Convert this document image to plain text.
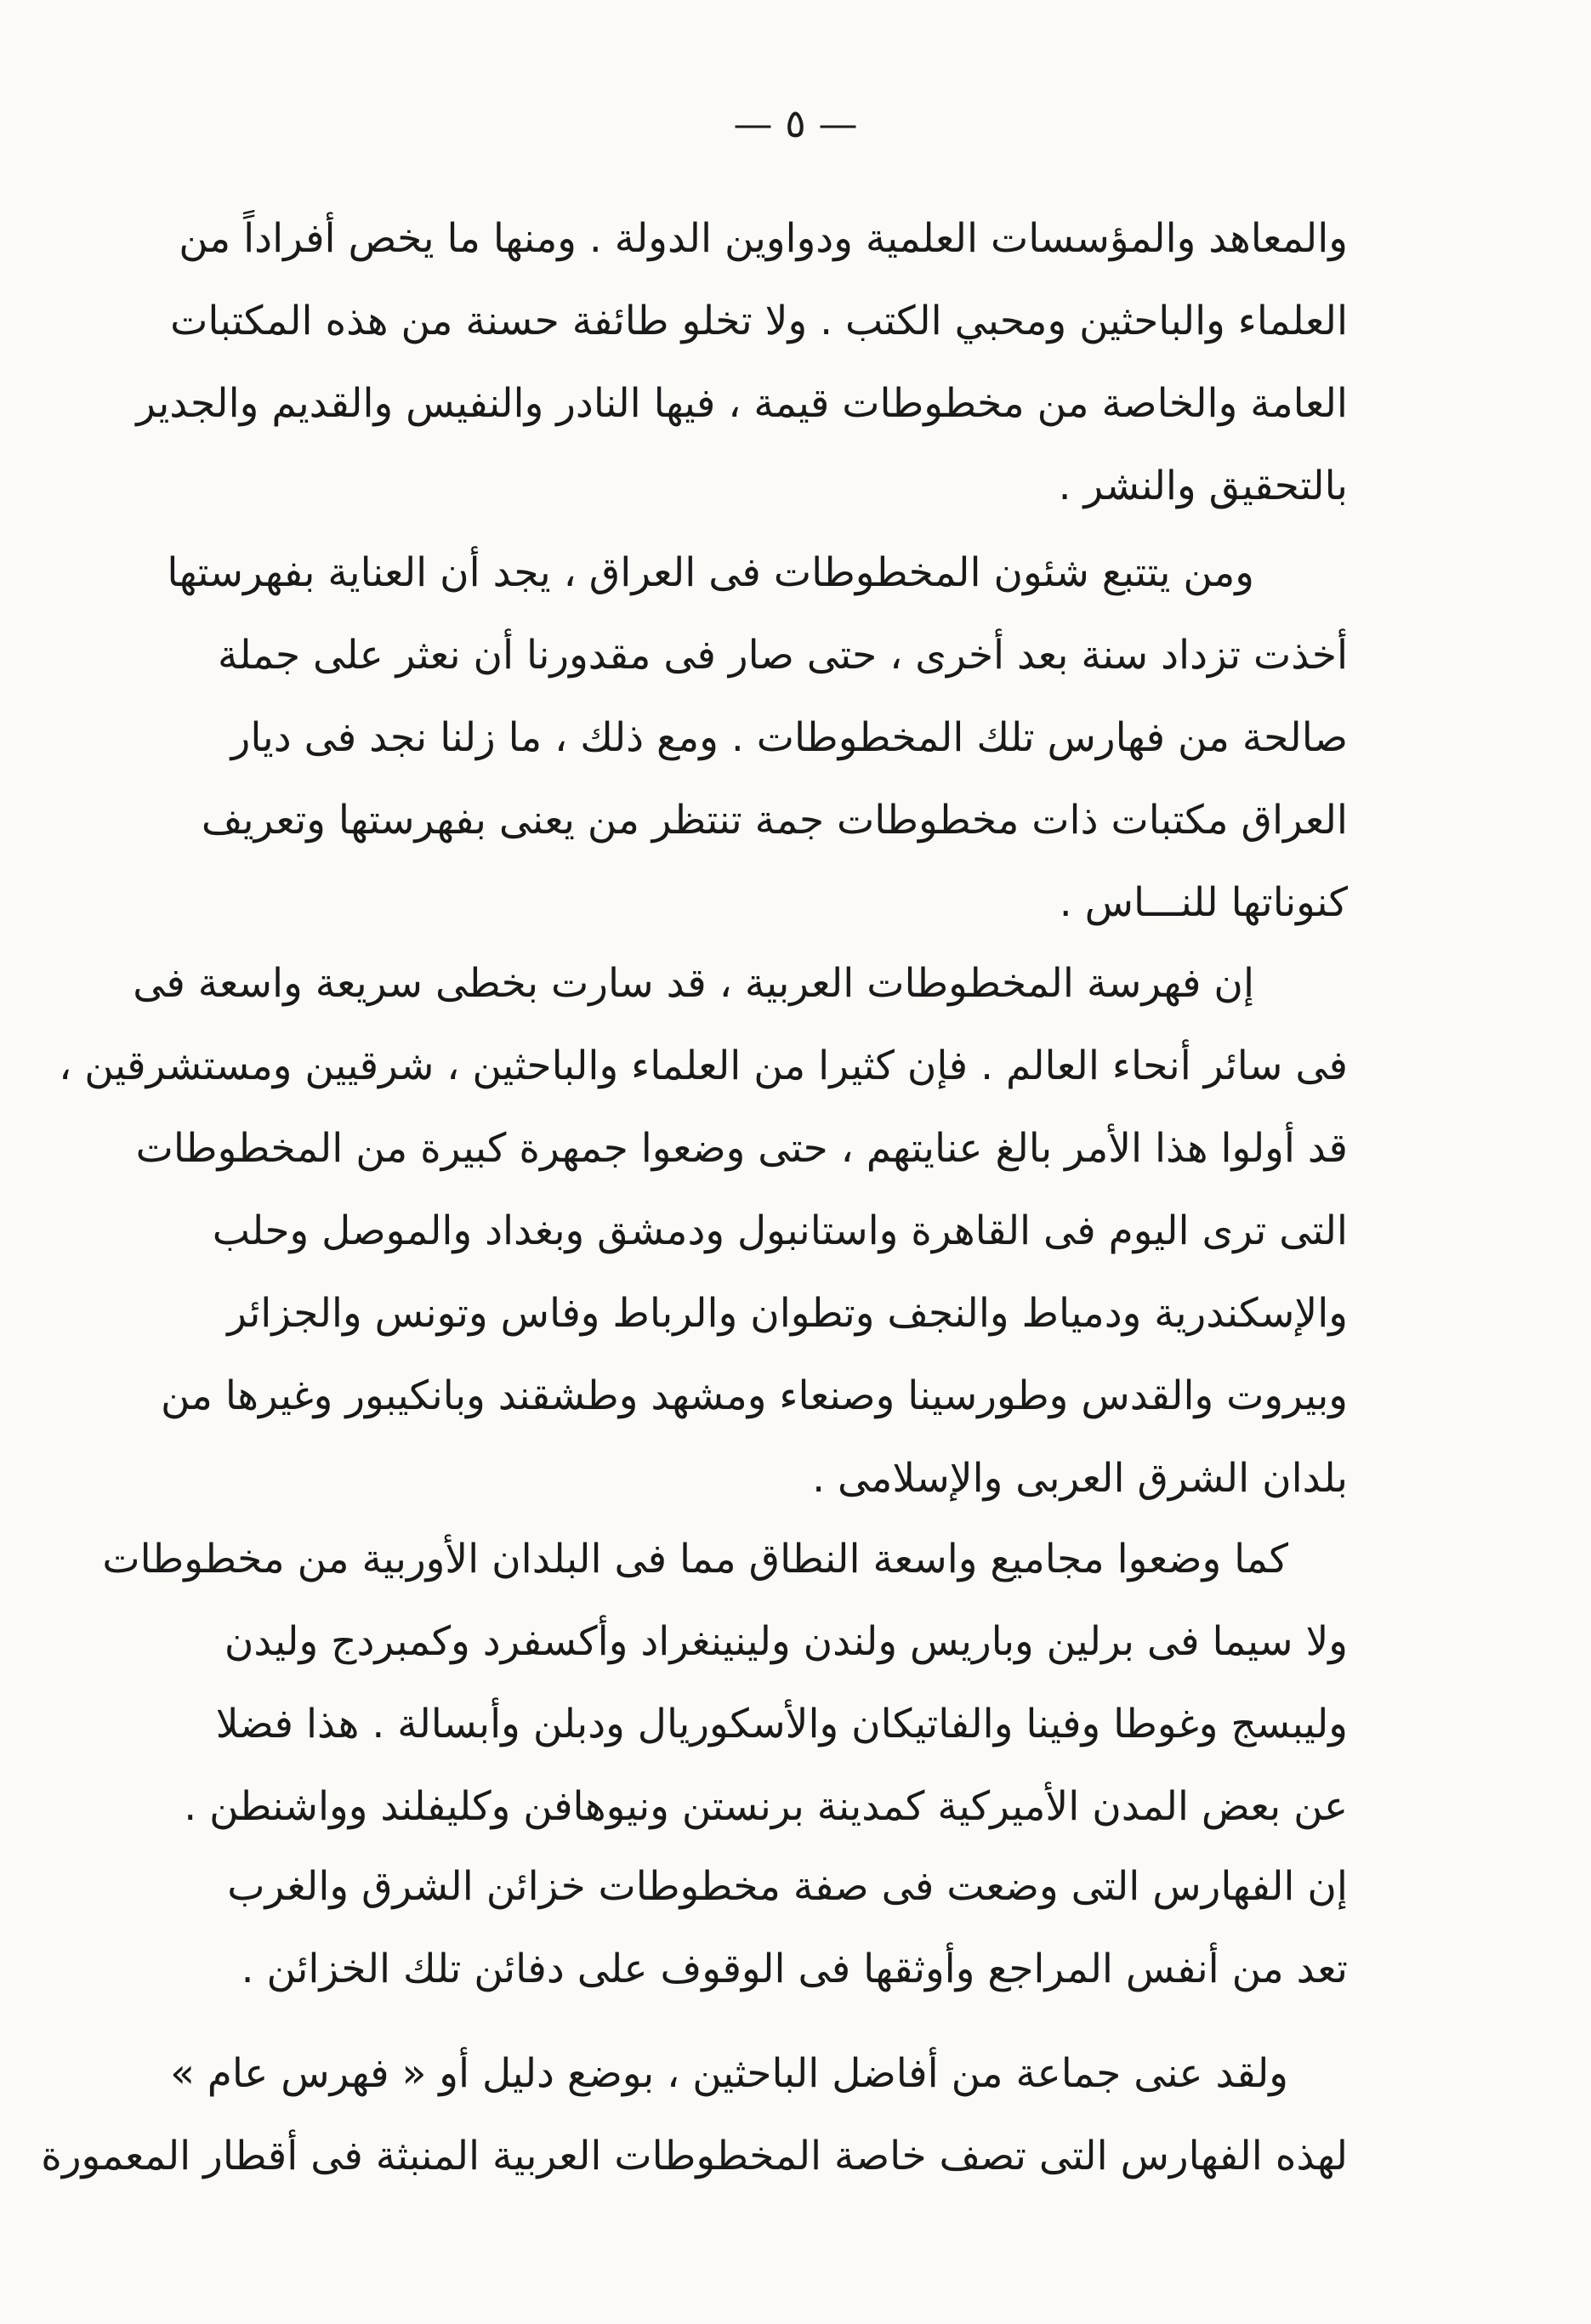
— ٥ —
والمعاهد والمؤسسات العلمية ودواوين الدولة . ومنها ما يخص أفراداً من
العلماء والباحثين ومحبي الكتب . ولا تخلو طائفة حسنة من هذه المكتبات
العامة والخاصة من مخطوطات قيمة ، فيها النادر والنفيس والقديم والجدير
بالتحقيق والنشر .
ومن يتتبع شئون المخطوطات فى العراق ، يجد أن العناية بفهرستها
أخذت تزداد سنة بعد أخرى ، حتى صار فى مقدورنا أن نعثر على جملة
صالحة من فهارس تلك المخطوطات . ومع ذلك ، ما زلنا نجد فى ديار
العراق مكتبات ذات مخطوطات جمة تنتظر من يعنى بفهرستها وتعريف
كنوناتها للنـــاس .
إن فهرسة المخطوطات العربية ، قد سارت بخطى سريعة واسعة فى
فى سائر أنحاء العالم . فإن كثيرا من العلماء والباحثين ، شرقيين ومستشرقين ،
قد أولوا هذا الأمر بالغ عنايتهم ، حتى وضعوا جمهرة كبيرة من المخطوطات
التى ترى اليوم فى القاهرة واستانبول ودمشق وبغداد والموصل وحلب
والإسكندرية ودمياط والنجف وتطوان والرباط وفاس وتونس والجزائر
وبيروت والقدس وطورسينا وصنعاء ومشهد وطشقند وبانكيبور وغيرها من
بلدان الشرق العربى والإسلامى .
كما وضعوا مجاميع واسعة النطاق مما فى البلدان الأوربية من مخطوطات
ولا سيما فى برلين وباريس ولندن ولينينغراد وأكسفرد وكمبردج وليدن
وليبسج وغوطا وفينا والفاتيكان والأسكوريال ودبلن وأبسالة . هذا فضلا
عن بعض المدن الأميركية كمدينة برنستن ونيوهافن وكليفلند وواشنطن .
إن الفهارس التى وضعت فى صفة مخطوطات خزائن الشرق والغرب
تعد من أنفس المراجع وأوثقها فى الوقوف على دفائن تلك الخزائن .
ولقد عنى جماعة من أفاضل الباحثين ، بوضع دليل أو « فهرس عام »
لهذه الفهارس التى تصف خاصة المخطوطات العربية المنبثة فى أقطار المعمورة
